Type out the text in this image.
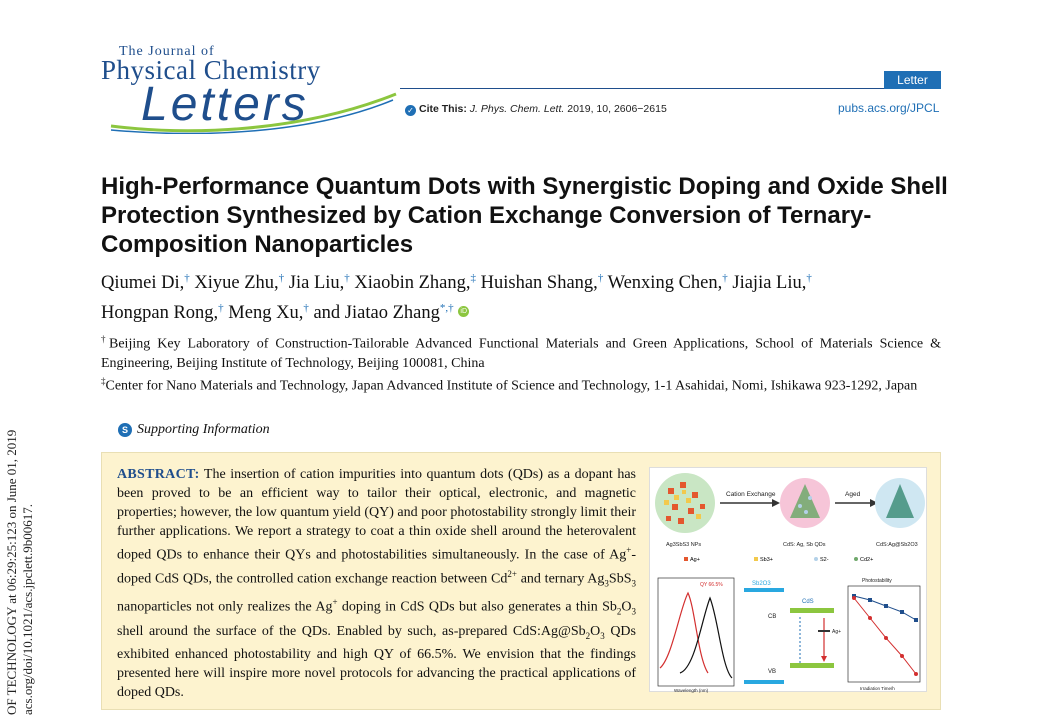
OF TECHNOLOGY at 06:29:25:123 on June 01, 2019 acs.org/doi/10.1021/acs.jpclett.9b00617.
The Journal of
Physical Chemistry
Letters	Letter
✓ Cite This: J. Phys. Chem. Lett. 2019, 10, 2606−2615	pubs.acs.org/JPCL
High-Performance Quantum Dots with Synergistic Doping and Oxide Shell Protection Synthesized by Cation Exchange Conversion of Ternary-Composition Nanoparticles
Qiumei Di,† Xiyue Zhu,† Jia Liu,† Xiaobin Zhang,‡ Huishan Shang,† Wenxing Chen,† Jiajia Liu,†
Hongpan Rong,† Meng Xu,† and Jiatao Zhang*,† iD
†Beijing Key Laboratory of Construction-Tailorable Advanced Functional Materials and Green Applications, School of Materials Science & Engineering, Beijing Institute of Technology, Beijing 100081, China
‡Center for Nano Materials and Technology, Japan Advanced Institute of Science and Technology, 1-1 Asahidai, Nomi, Ishikawa 923-1292, Japan
S Supporting Information
ABSTRACT: The insertion of cation impurities into quantum dots (QDs) as a dopant has been proved to be an efficient way to tailor their optical, electronic, and magnetic properties; however, the low quantum yield (QY) and poor photostability strongly limit their further applications. We report a strategy to coat a thin oxide shell around the heterovalent doped QDs to enhance their QYs and photostabilities simultaneously. In the case of Ag+-doped CdS QDs, the controlled cation exchange reaction between $Cd^{2+}$ and ternary $Ag_3SbS_3$ nanoparticles not only realizes the Ag+ doping in CdS QDs but also generates a thin $Sb_2O_3$ shell around the surface of the QDs. Enabled by such, as-prepared $CdS:Ag@Sb_2O_3$ QDs exhibited enhanced photostability and high QY of 66.5%. We envision that the findings presented here will inspire more novel protocols for advancing the practical applications of doped QDs.
Cation Exchange	Aged
Ag3SbS3 NPs	CdS: Ag, Sb QDs	CdS:Ag@Sb2O3
Ag+	Sb3+	S2-	Cd2+
QY 66.5%
Wavelength (nm)
Sb2O3
CdS
CB
VB
Ag+
Photostability
Irradiation Time/h
